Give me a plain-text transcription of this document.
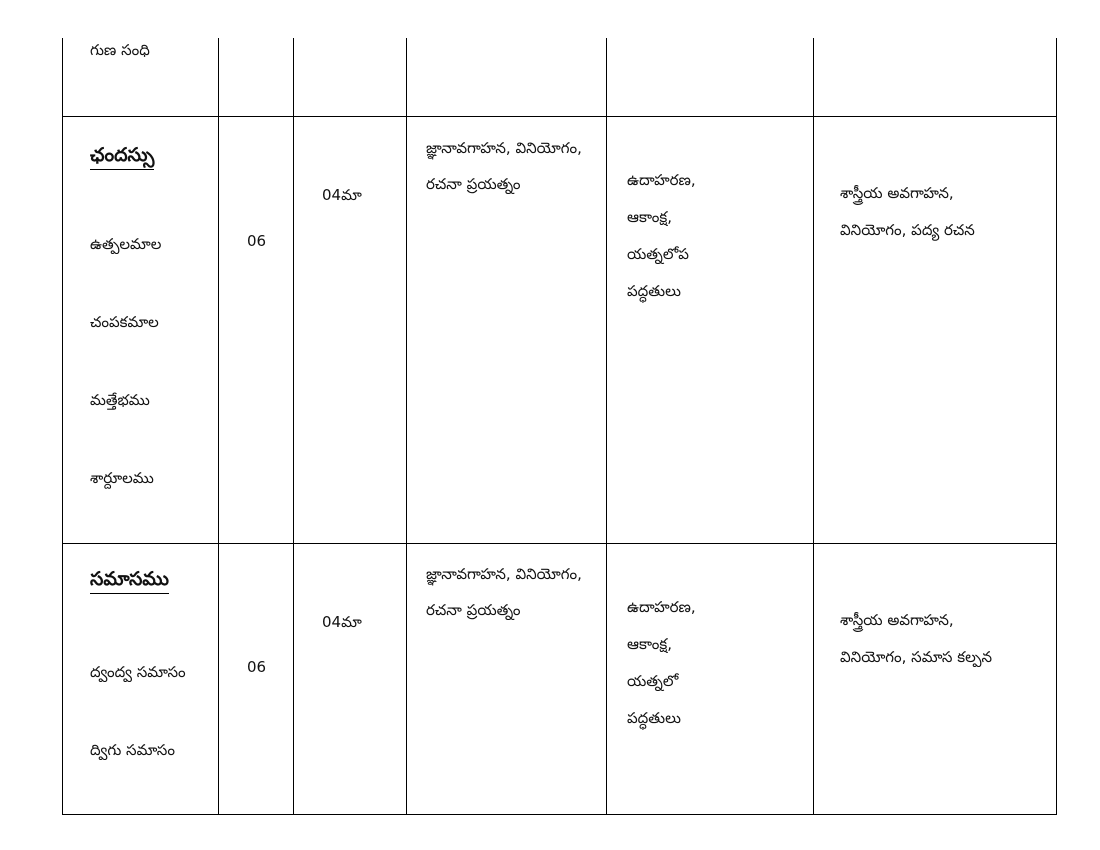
గుణ సంధి
ఛందస్సు
ఉత్పలమాల
చంపకమాల
మత్తేభము
శార్దూలము
06
04మా
జ్ఞానావగాహన, వినియోగం,
రచనా ప్రయత్నం	ఉదాహరణ,
ఆకాంక్ష,
యత్నలోప
పద్ధతులు
శాస్త్రీయ అవగాహన,
వినియోగం, పద్య రచన
సమాసము
ద్వంద్వ సమాసం
ద్విగు సమాసం
06
04మా
జ్ఞానావగాహన, వినియోగం,
రచనా ప్రయత్నం	ఉదాహరణ,
ఆకాంక్ష,
యత్నలో
పద్ధతులు
శాస్త్రీయ అవగాహన,
వినియోగం, సమాస కల్పన
